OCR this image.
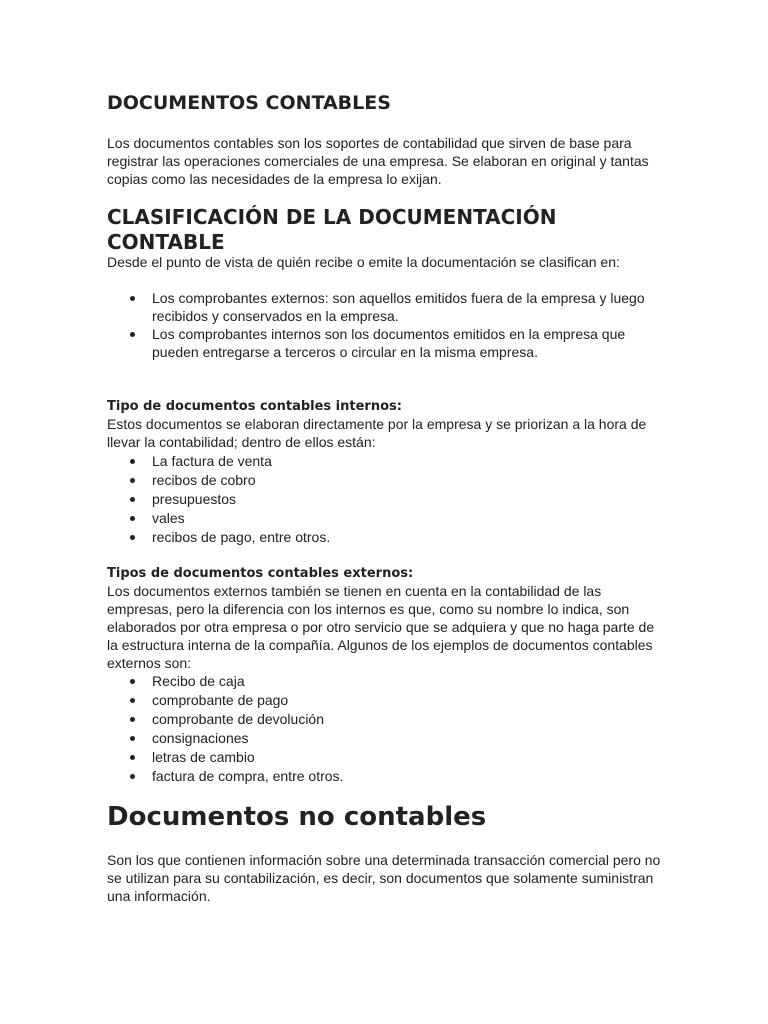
DOCUMENTOS CONTABLES

Los documentos contables son los soportes de contabilidad que sirven de base para registrar las operaciones comerciales de una empresa. Se elaboran en original y tantas copias como las necesidades de la empresa lo exijan.

CLASIFICACIÓN DE LA DOCUMENTACIÓN CONTABLE

Desde el punto de vista de quién recibe o emite la documentación se clasifican en:

Los comprobantes externos: son aquellos emitidos fuera de la empresa y luego recibidos y conservados en la empresa.
Los comprobantes internos son los documentos emitidos en la empresa que pueden entregarse a terceros o circular en la misma empresa.
Tipo de documentos contables internos:

Estos documentos se elaboran directamente por la empresa y se priorizan a la hora de llevar la contabilidad; dentro de ellos están:

La factura de venta
recibos de cobro
presupuestos
vales
recibos de pago, entre otros.
Tipos de documentos contables externos:

Los documentos externos también se tienen en cuenta en la contabilidad de las empresas, pero la diferencia con los internos es que, como su nombre lo indica, son elaborados por otra empresa o por otro servicio que se adquiera y que no haga parte de la estructura interna de la compañía. Algunos de los ejemplos de documentos contables externos son:

Recibo de caja
comprobante de pago
comprobante de devolución
consignaciones
letras de cambio
factura de compra, entre otros.
Documentos no contables

Son los que contienen información sobre una determinada transacción comercial pero no se utilizan para su contabilización, es decir, son documentos que solamente suministran una información.
